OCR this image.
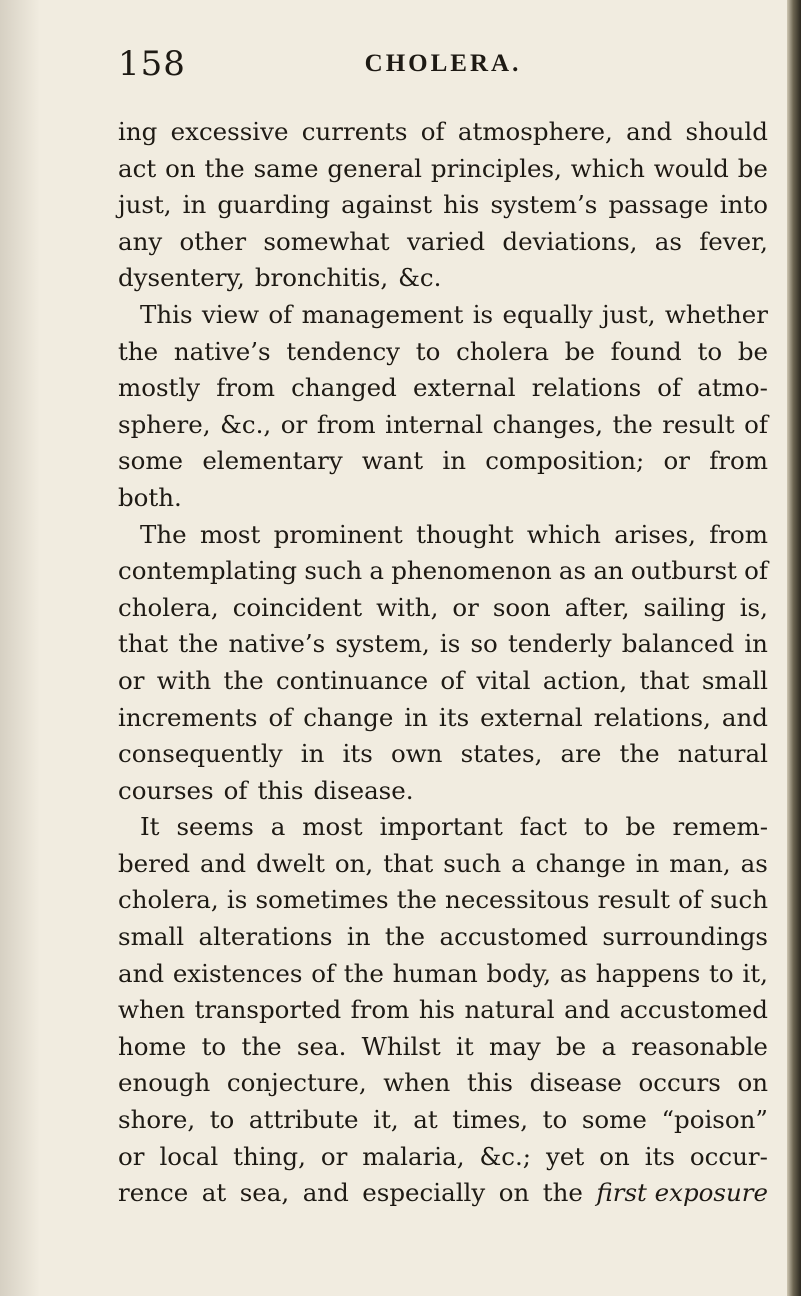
158	CHOLERA.
ing excessive currents of atmosphere, and should
act on the same general principles, which would be
just, in guarding against his system’s passage into
any other somewhat varied deviations, as fever,
dysentery, bronchitis, &c.
This view of management is equally just, whether
the native’s tendency to cholera be found to be
mostly from changed external relations of atmo-
sphere, &c., or from internal changes, the result of
some elementary want in composition; or from
both.
The most prominent thought which arises, from
contemplating such a phenomenon as an outburst of
cholera, coincident with, or soon after, sailing is,
that the native’s system, is so tenderly balanced in
or with the continuance of vital action, that small
increments of change in its external relations, and
consequently in its own states, are the natural
courses of this disease.
It seems a most important fact to be remem-
bered and dwelt on, that such a change in man, as
cholera, is sometimes the necessitous result of such
small alterations in the accustomed surroundings
and existences of the human body, as happens to it,
when transported from his natural and accustomed
home to the sea. Whilst it may be a reasonable
enough conjecture, when this disease occurs on
shore, to attribute it, at times, to some “poison”
or local thing, or malaria, &c.; yet on its occur-
rence at sea, and especially on the first exposure
